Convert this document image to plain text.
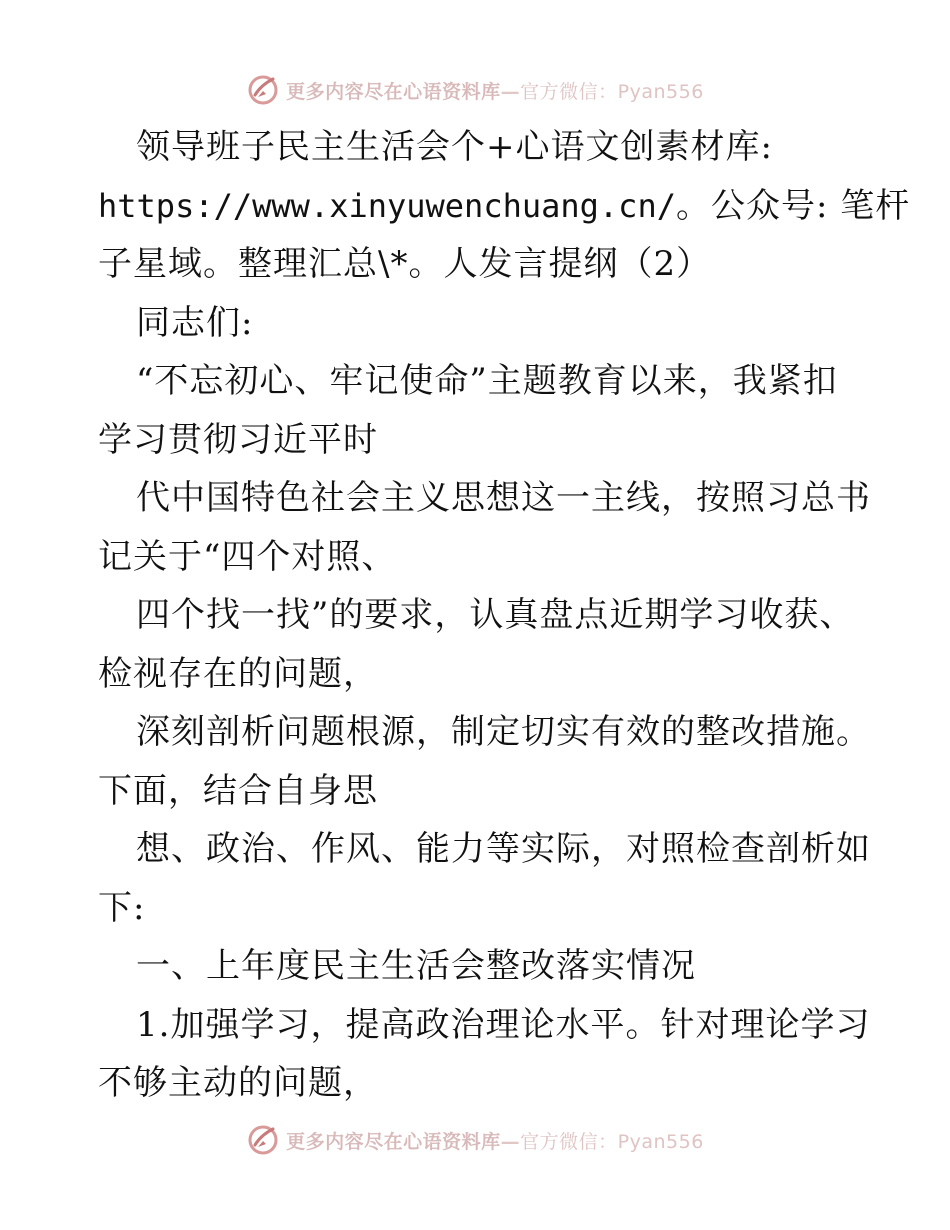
更多内容尽在心语资料库—官方微信：Pyan556
领导班子民主生活会个+心语文创素材库:
https://www.xinyuwenchuang.cn/。公众号: 笔杆
子星域。整理汇总\*。人发言提纲（2）
同志们:
“不忘初心、牢记使命”主题教育以来，我紧扣
学习贯彻习近平时
代中国特色社会主义思想这一主线，按照习总书
记关于“四个对照、
四个找一找”的要求，认真盘点近期学习收获、
检视存在的问题，
深刻剖析问题根源，制定切实有效的整改措施。
下面，结合自身思
想、政治、作风、能力等实际，对照检查剖析如
下:
一、上年度民主生活会整改落实情况
1.加强学习，提高政治理论水平。针对理论学习
不够主动的问题，
更多内容尽在心语资料库—官方微信：Pyan556
